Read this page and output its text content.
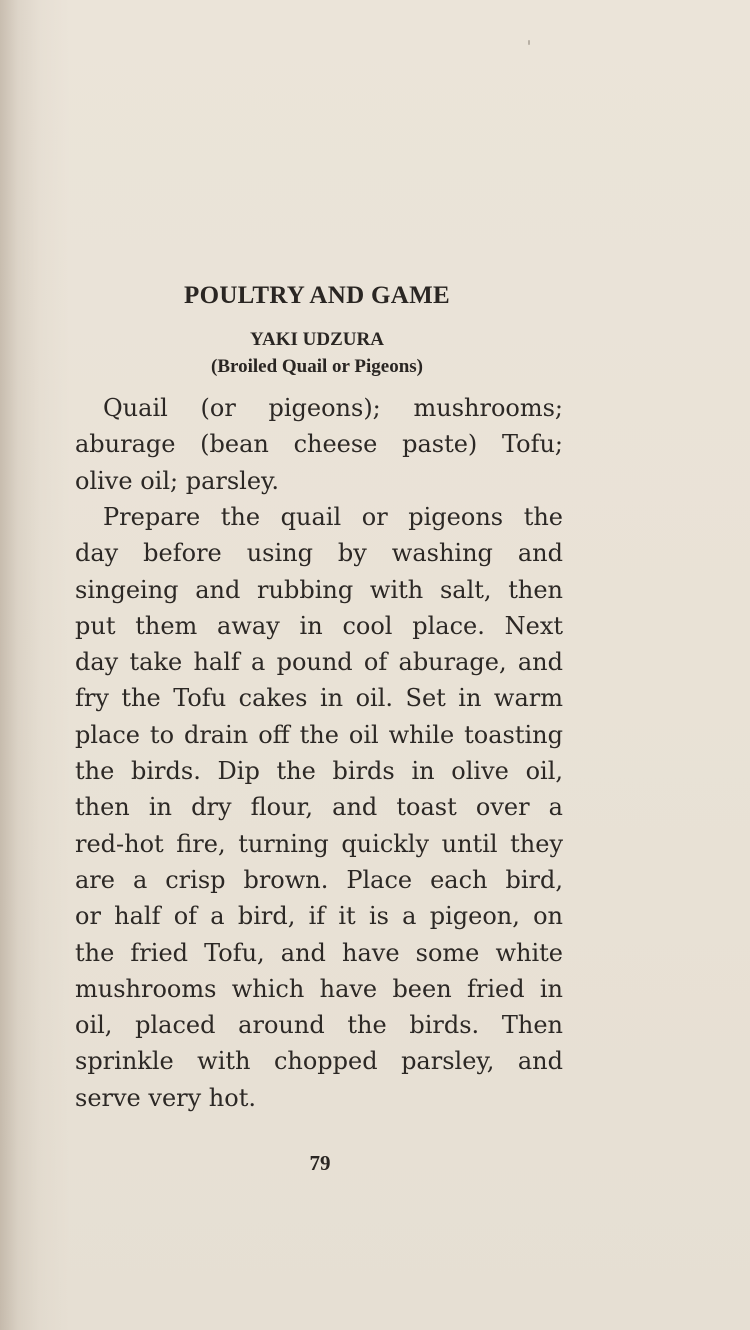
POULTRY AND GAME
YAKI UDZURA
(Broiled Quail or Pigeons)
Quail (or pigeons); mushrooms;
aburage (bean cheese paste) Tofu;
olive oil; parsley.
Prepare the quail or pigeons the
day before using by washing and
singeing and rubbing with salt, then
put them away in cool place. Next
day take half a pound of aburage, and
fry the Tofu cakes in oil. Set in warm
place to drain off the oil while toasting
the birds. Dip the birds in olive oil,
then in dry flour, and toast over a
red-hot fire, turning quickly until they
are a crisp brown. Place each bird,
or half of a bird, if it is a pigeon, on
the fried Tofu, and have some white
mushrooms which have been fried in
oil, placed around the birds. Then
sprinkle with chopped parsley, and
serve very hot.
79
